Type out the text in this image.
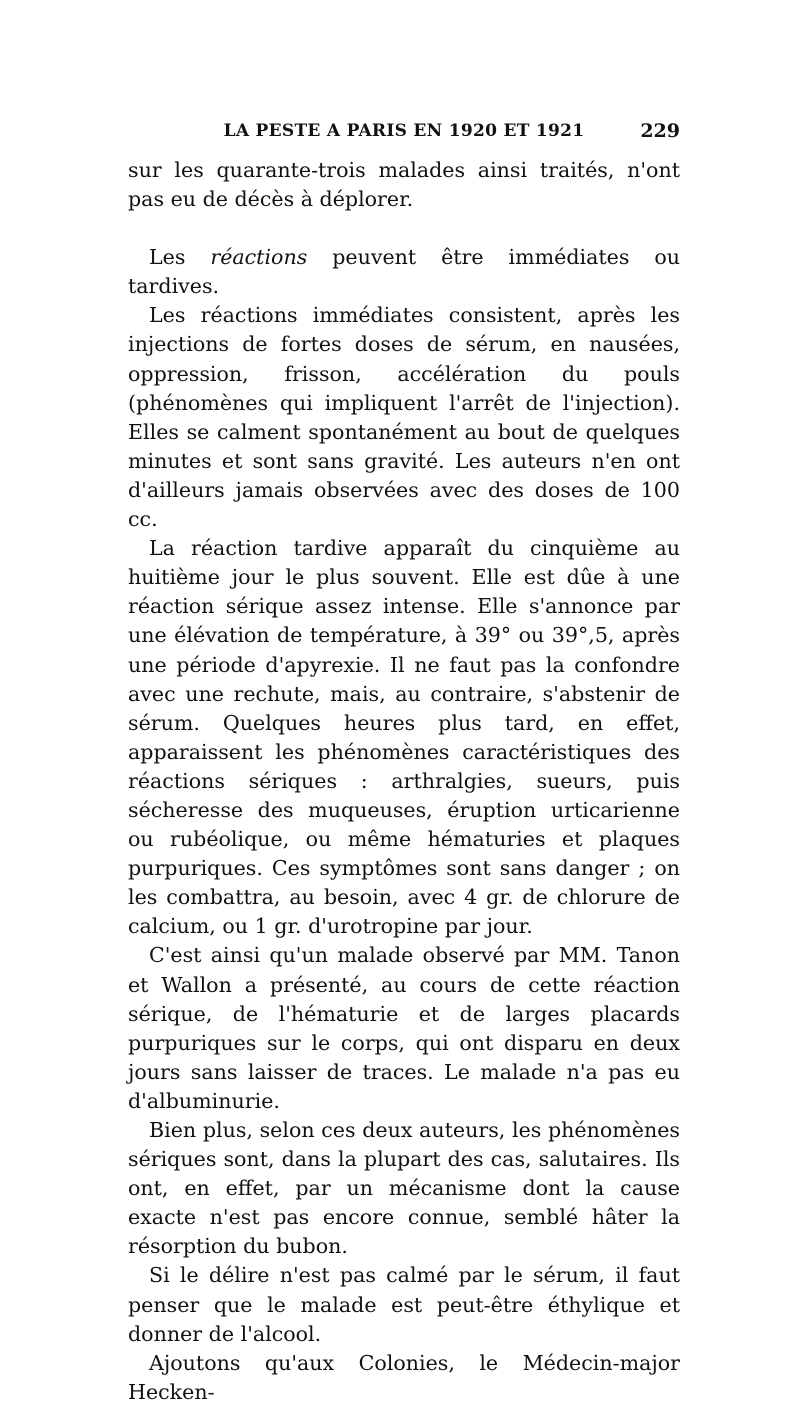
LA PESTE A PARIS EN 1920 ET 1921	229

sur les quarante-trois malades ainsi traités, n'ont pas eu de décès à déplorer.

Les réactions peuvent être immédiates ou tardives.

Les réactions immédiates consistent, après les injections de fortes doses de sérum, en nausées, oppression, frisson, accélération du pouls (phénomènes qui impliquent l'arrêt de l'injection). Elles se calment spontanément au bout de quelques minutes et sont sans gravité. Les auteurs n'en ont d'ailleurs jamais observées avec des doses de 100 cc.

La réaction tardive apparaît du cinquième au huitième jour le plus souvent. Elle est dûe à une réaction sérique assez intense. Elle s'annonce par une élévation de température, à 39° ou 39°,5, après une période d'apyrexie. Il ne faut pas la confondre avec une rechute, mais, au contraire, s'abstenir de sérum. Quelques heures plus tard, en effet, apparaissent les phénomènes caractéristiques des réactions sériques : arthralgies, sueurs, puis sécheresse des muqueuses, éruption urticarienne ou rubéolique, ou même hématuries et plaques purpuriques. Ces symptômes sont sans danger ; on les combattra, au besoin, avec 4 gr. de chlorure de calcium, ou 1 gr. d'urotropine par jour.

C'est ainsi qu'un malade observé par MM. Tanon et Wallon a présenté, au cours de cette réaction sérique, de l'hématurie et de larges placards purpuriques sur le corps, qui ont disparu en deux jours sans laisser de traces. Le malade n'a pas eu d'albuminurie.

Bien plus, selon ces deux auteurs, les phénomènes sériques sont, dans la plupart des cas, salutaires. Ils ont, en effet, par un mécanisme dont la cause exacte n'est pas encore connue, semblé hâter la résorption du bubon.

Si le délire n'est pas calmé par le sérum, il faut penser que le malade est peut-être éthylique et donner de l'alcool.

Ajoutons qu'aux Colonies, le Médecin-major Hecken-
